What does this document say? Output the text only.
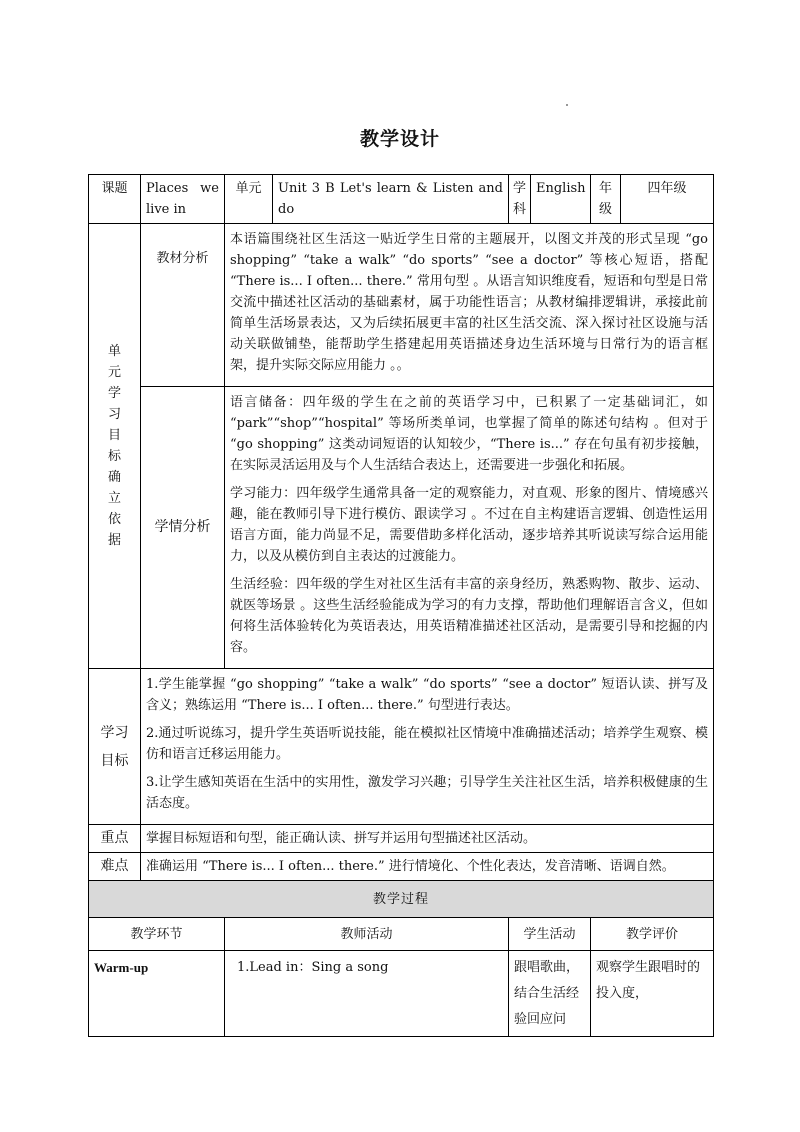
教学设计
课题	Places we live in	单元	Unit 3 B Let's learn & Listen and do	学科	English	年级	四年级
单元学习目标确立依据	教材分析	本语篇围绕社区生活这一贴近学生日常的主题展开，以图文并茂的形式呈现 “go shopping” “take a walk” “do sports” “see a doctor” 等核心短语，搭配 “There is... I often... there.” 常用句型 。从语言知识维度看，短语和句型是日常交流中描述社区活动的基础素材，属于功能性语言；从教材编排逻辑讲，承接此前简单生活场景表达，又为后续拓展更丰富的社区生活交流、深入探讨社区设施与活动关联做铺垫，能帮助学生搭建起用英语描述身边生活环境与日常行为的语言框架，提升实际交际应用能力 。。					

	学情分析	语言储备：四年级的学生在之前的英语学习中，已积累了一定基础词汇，如 “park”“shop”“hospital” 等场所类单词，也掌握了简单的陈述句结构 。但对于 “go shopping” 这类动词短语的认知较少，“There is...” 存在句虽有初步接触，在实际灵活运用及与个人生活结合表达上，还需要进一步强化和拓展。

学习能力：四年级学生通常具备一定的观察能力，对直观、形象的图片、情境感兴趣，能在教师引导下进行模仿、跟读学习 。不过在自主构建语言逻辑、创造性运用语言方面，能力尚显不足，需要借助多样化活动，逐步培养其听说读写综合运用能力，以及从模仿到自主表达的过渡能力。

生活经验：四年级的学生对社区生活有丰富的亲身经历，熟悉购物、散步、运动、就医等场景 。这些生活经验能成为学习的有力支撑，帮助他们理解语言含义，但如何将生活体验转化为英语表达，用英语精准描述社区活动，是需要引导和挖掘的内容。					

学习目标	1.学生能掌握 “go shopping” “take a walk” “do sports” “see a doctor” 短语认读、拼写及含义；熟练运用 “There is... I often... there.” 句型进行表达。

2.通过听说练习，提升学生英语听说技能，能在模拟社区情境中准确描述活动；培养学生观察、模仿和语言迁移运用能力。

3.让学生感知英语在生活中的实用性，激发学习兴趣；引导学生关注社区生活，培养积极健康的生活态度。						

重点	掌握目标短语和句型，能正确认读、拼写并运用句型描述社区活动。						
难点	准确运用 “There is... I often... there.” 进行情境化、个性化表达，发音清晰、语调自然。						
教学过程							
教学环节		教师活动		学生活动		教学评价	
Warm-up		1.Lead in：Sing a song		跟唱歌曲，结合生活经验回应问		观察学生跟唱时的投入度，	
